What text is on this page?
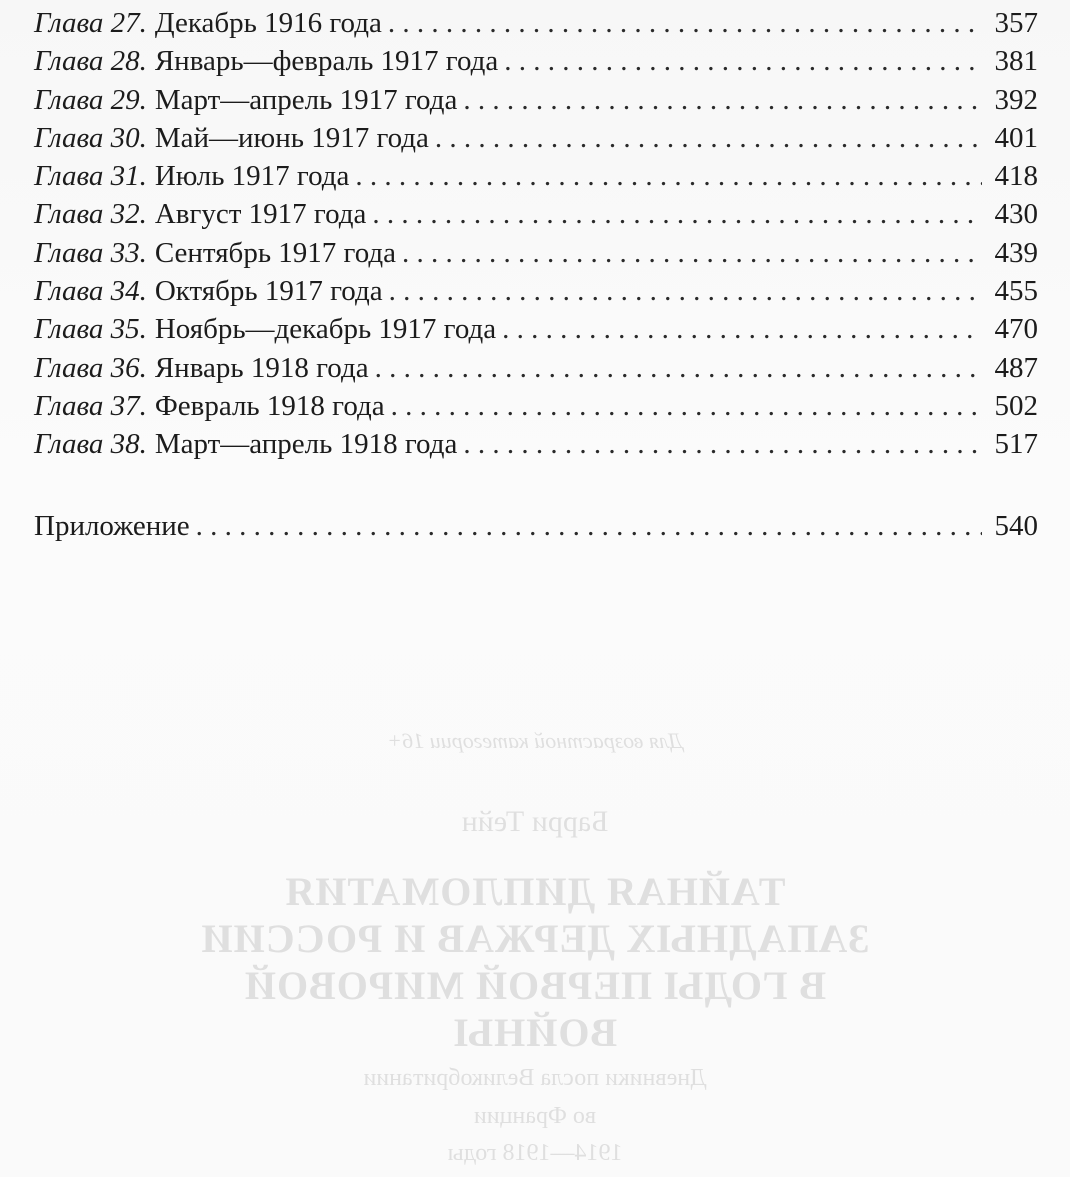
Для возрастной категории 16+
Барри Тейн
ТАЙНАЯ ДИПЛОМАТИЯ
ЗАПАДНЫХ ДЕРЖАВ И РОССИИ
В ГОДЫ ПЕРВОЙ МИРОВОЙ
ВОЙНЫ
Дневники посла Великобритании
во Франции
1914—1918 годы
Глава 27. Декабрь 1916 года . . .	357
Глава 28. Январь—февраль 1917 года . . .	381
Глава 29. Март—апрель 1917 года . . .	392
Глава 30. Май—июнь 1917 года . . .	401
Глава 31. Июль 1917 года . . .	418
Глава 32. Август 1917 года . . .	430
Глава 33. Сентябрь 1917 года . . .	439
Глава 34. Октябрь 1917 года . . .	455
Глава 35. Ноябрь—декабрь 1917 года . . .	470
Глава 36. Январь 1918 года . . .	487
Глава 37. Февраль 1918 года . . .	502
Глава 38. Март—апрель 1918 года . . .	517
Приложение . . .	540
